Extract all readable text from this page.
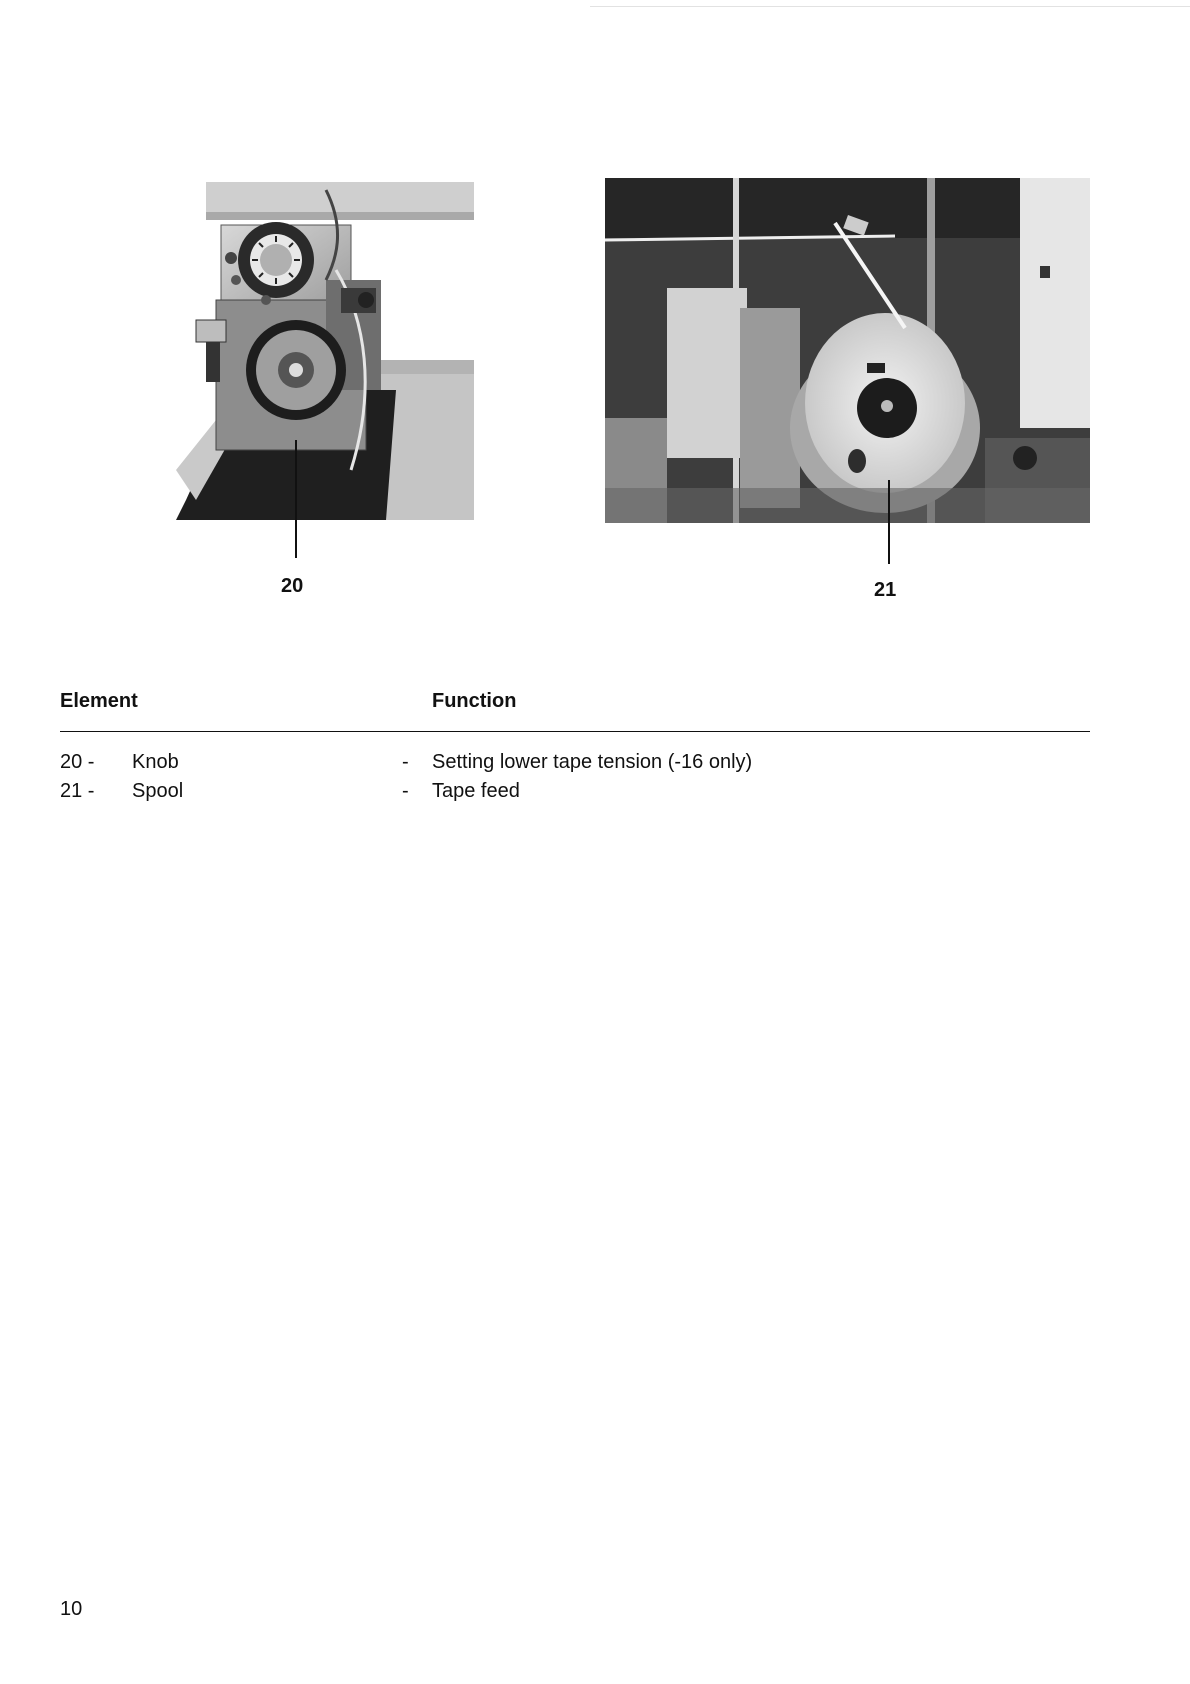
20	21
Element	Function
20 - Knob	- Setting lower tape tension (-16 only)
21 - Spool	- Tape feed
10
